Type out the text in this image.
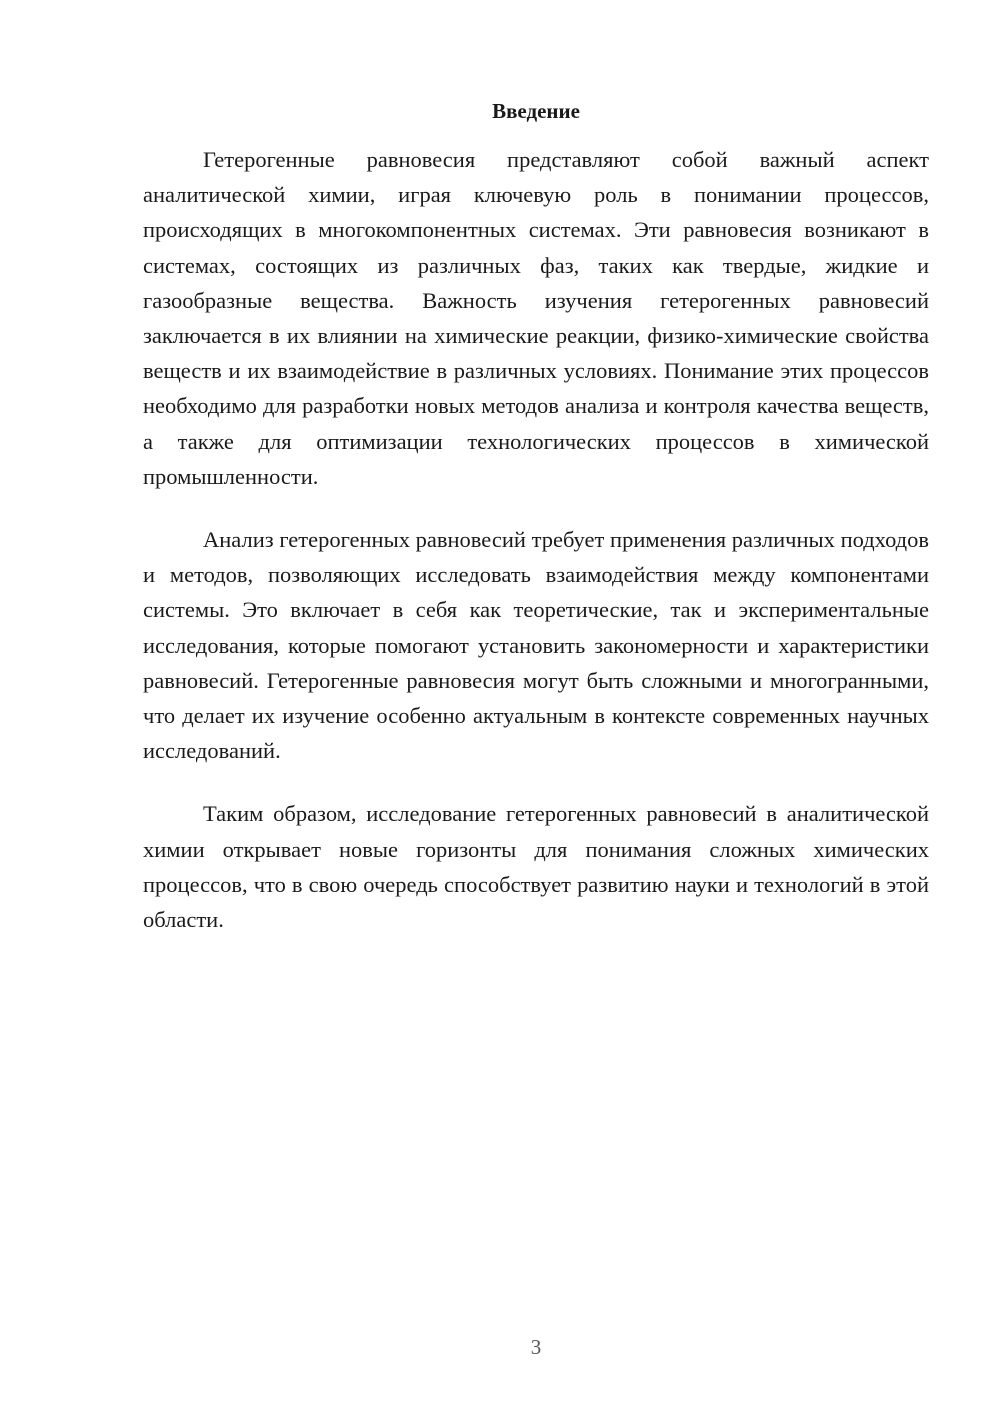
Введение

Гетерогенные равновесия представляют собой важный аспект аналитической химии, играя ключевую роль в понимании процессов, происходящих в многокомпонентных системах. Эти равновесия возникают в системах, состоящих из различных фаз, таких как твердые, жидкие и газообразные вещества. Важность изучения гетерогенных равновесий заключается в их влиянии на химические реакции, физико-химические свойства веществ и их взаимодействие в различных условиях. Понимание этих процессов необходимо для разработки новых методов анализа и контроля качества веществ, а также для оптимизации технологических процессов в химической промышленности.

Анализ гетерогенных равновесий требует применения различных подходов и методов, позволяющих исследовать взаимодействия между компонентами системы. Это включает в себя как теоретические, так и экспериментальные исследования, которые помогают установить закономерности и характеристики равновесий. Гетерогенные равновесия могут быть сложными и многогранными, что делает их изучение особенно актуальным в контексте современных научных исследований.

Таким образом, исследование гетерогенных равновесий в аналитической химии открывает новые горизонты для понимания сложных химических процессов, что в свою очередь способствует развитию науки и технологий в этой области.

3
